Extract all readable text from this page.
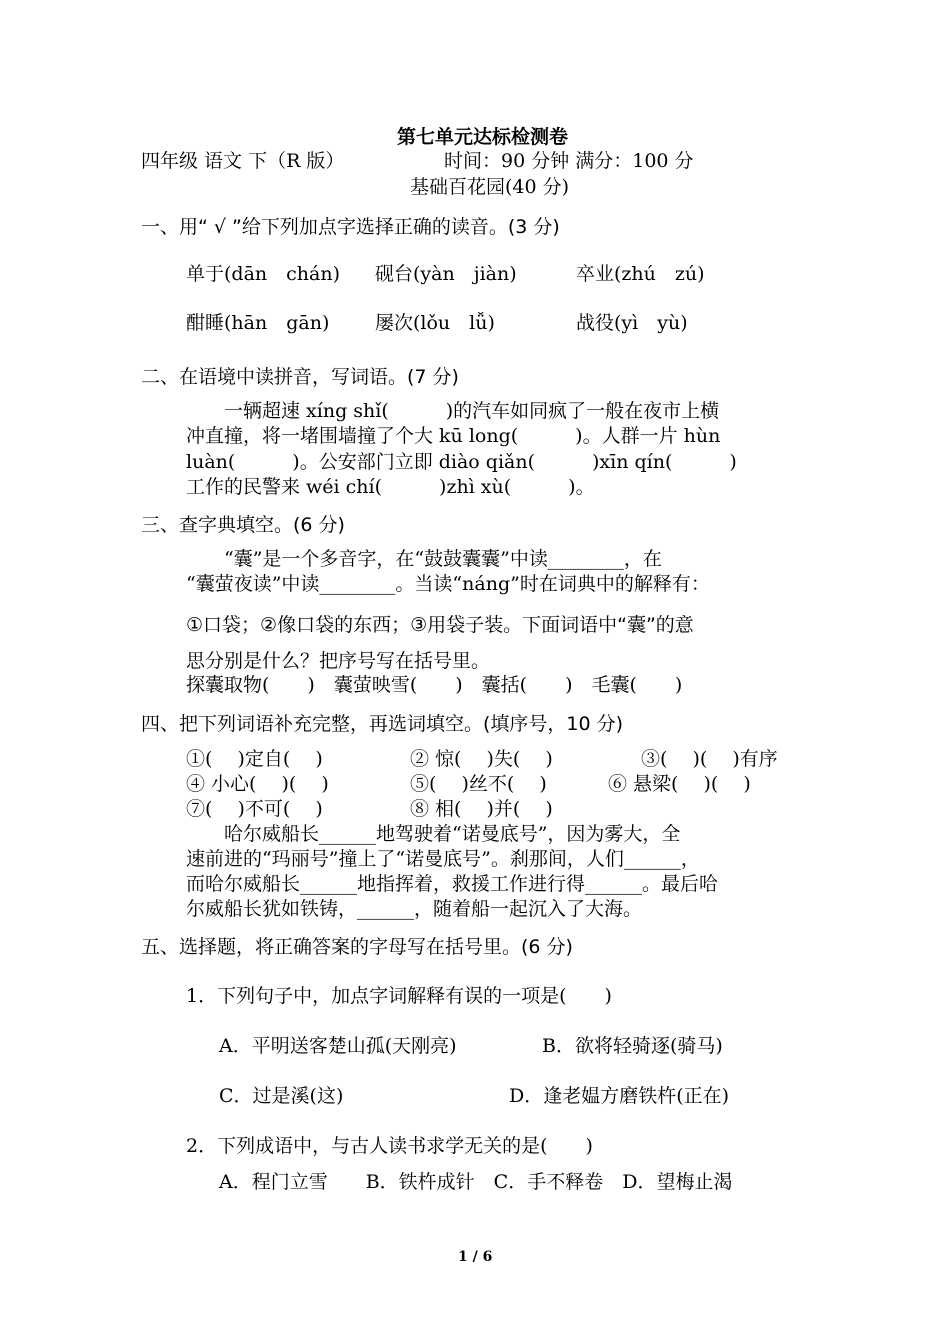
第七单元达标检测卷
四年级 语文 下（R 版）	时间：90 分钟 满分：100 分
基础百花园(40 分)
一、用“ √ ”给下列加点字选择正确的读音。(3 分)
单于(dān　chán) 砚台(yàn　jiàn)	卒业(zhú　zú)
酣睡(hān　gān) 屡次(lǒu　lǚ)	战役(yì　yù)
二、在语境中读拼音，写词语。(7 分)
　　一辆超速 xíng shǐ(　　　)的汽车如同疯了一般在夜市上横
冲直撞，将一堵围墙撞了个大 kū long(　　　)。人群一片 hùn
luàn(　　　)。公安部门立即 diào qiǎn(　　　)xīn qín(　　　)
工作的民警来 wéi chí(　　　)zhì xù(　　　)。
三、查字典填空。(6 分)
　　“囊”是一个多音字，在“鼓鼓囊囊”中读________，在
“囊萤夜读”中读________。当读“náng”时在词典中的解释有：
①口袋；②像口袋的东西；③用袋子装。下面词语中“囊”的意
思分别是什么？把序号写在括号里。
探囊取物(　　)　囊萤映雪(　　)　囊括(　　)　毛囊(　　)
四、把下列词语补充完整，再选词填空。(填序号，10 分)
①(　 )定自(　 )	② 惊(　 )失(　 )	③(　 )(　 )有序
④ 小心(　 )(　 )	⑤(　 )丝不(　 )	⑥ 悬梁(　 )(　 )
⑦(　 )不可(　 )	⑧ 相(　 )并(　 )
　　哈尔威船长______地驾驶着“诺曼底号”，因为雾大，全
速前进的“玛丽号”撞上了“诺曼底号”。刹那间，人们______，
而哈尔威船长______地指挥着，救援工作进行得______。最后哈
尔威船长犹如铁铸，______，随着船一起沉入了大海。
五、选择题，将正确答案的字母写在括号里。(6 分)
1．下列句子中，加点字词解释有误的一项是(　　)
A．平明送客楚山孤(天刚亮)	B．欲将轻骑逐(骑马)
C．过是溪(这)	D．逢老媪方磨铁杵(正在)
2．下列成语中，与古人读书求学无关的是(　　)
A．程门立雪　　B．铁杵成针　C．手不释卷　D．望梅止渴
1 / 6
